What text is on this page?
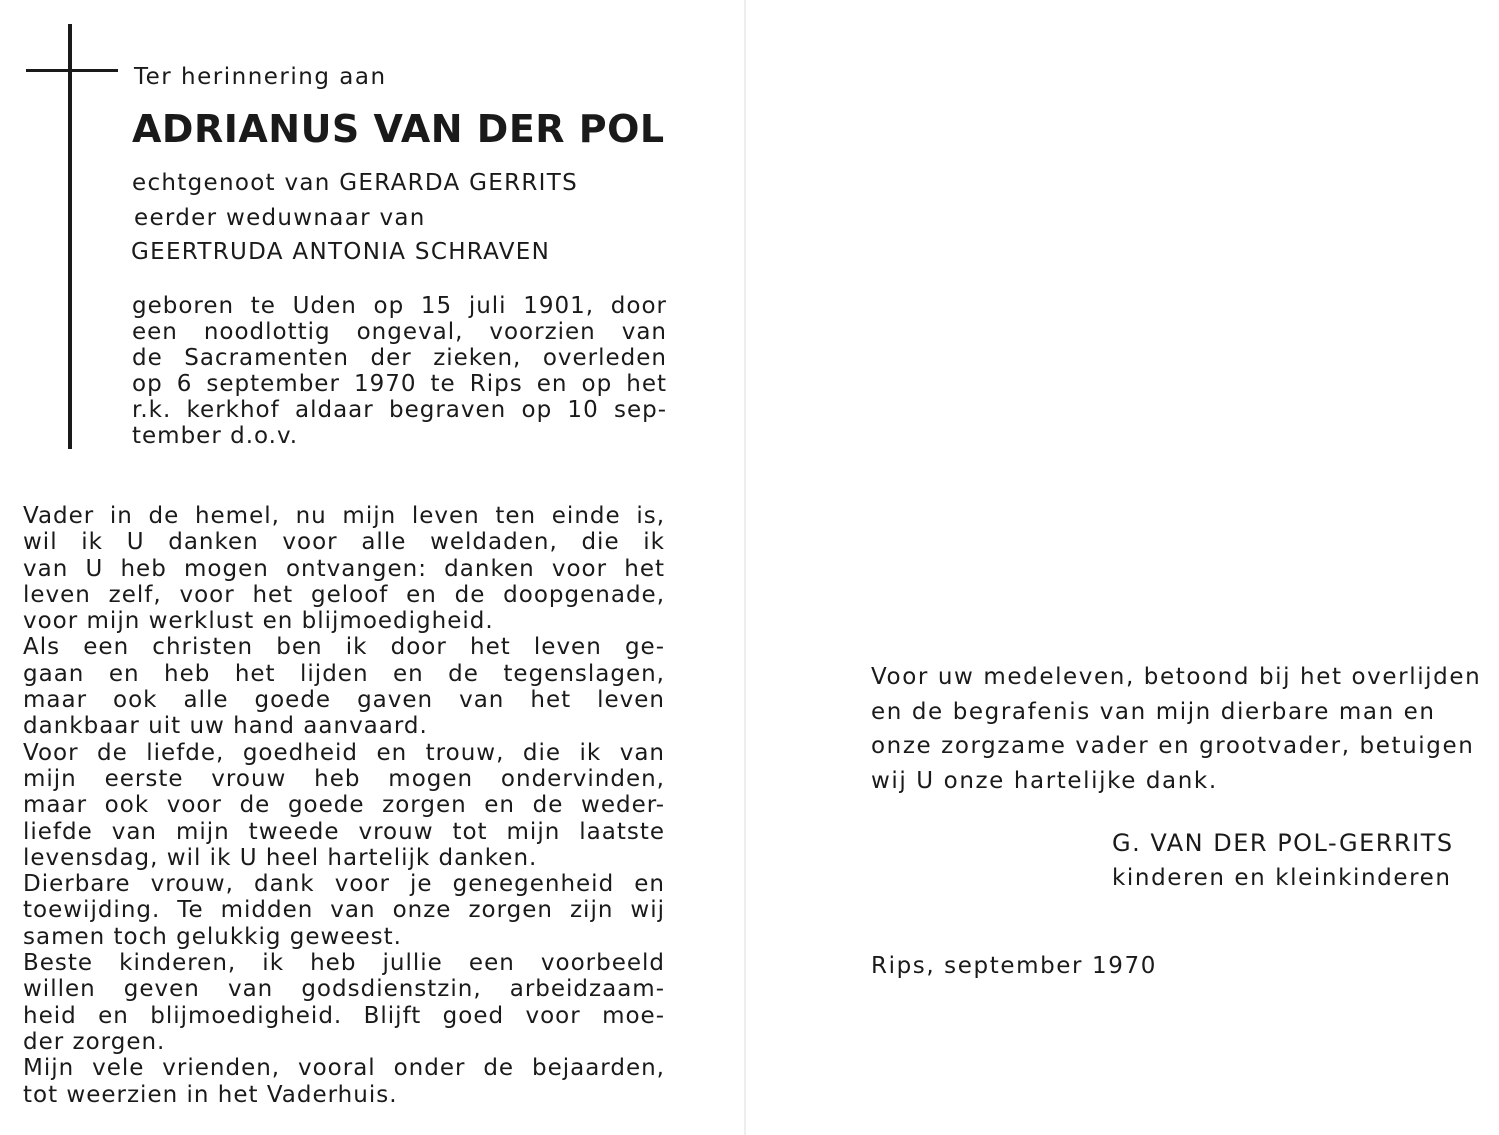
Ter herinnering aan

ADRIANUS VAN DER POL

echtgenoot van GERARDA GERRITS

eerder weduwnaar van

GEERTRUDA ANTONIA SCHRAVEN

geboren te Uden op 15 juli 1901, door
een noodlottig ongeval, voorzien van
de Sacramenten der zieken, overleden
op 6 september 1970 te Rips en op het
r.k. kerkhof aldaar begraven op 10 sep-
tember d.o.v.
Vader in de hemel, nu mijn leven ten einde is,
wil ik U danken voor alle weldaden, die ik
van U heb mogen ontvangen: danken voor het
leven zelf, voor het geloof en de doopgenade,
voor mijn werklust en blijmoedigheid.
Als een christen ben ik door het leven ge-
gaan en heb het lijden en de tegenslagen,
maar ook alle goede gaven van het leven
dankbaar uit uw hand aanvaard.
Voor de liefde, goedheid en trouw, die ik van
mijn eerste vrouw heb mogen ondervinden,
maar ook voor de goede zorgen en de weder-
liefde van mijn tweede vrouw tot mijn laatste
levensdag, wil ik U heel hartelijk danken.
Dierbare vrouw, dank voor je genegenheid en
toewijding. Te midden van onze zorgen zijn wij
samen toch gelukkig geweest.
Beste kinderen, ik heb jullie een voorbeeld
willen geven van godsdienstzin, arbeidzaam-
heid en blijmoedigheid. Blijft goed voor moe-
der zorgen.
Mijn vele vrienden, vooral onder de bejaarden,
tot weerzien in het Vaderhuis.
Voor uw medeleven, betoond bij het overlijden
en de begrafenis van mijn dierbare man en
onze zorgzame vader en grootvader, betuigen
wij U onze hartelijke dank.

G. VAN DER POL-GERRITS

kinderen en kleinkinderen

Rips, september 1970
